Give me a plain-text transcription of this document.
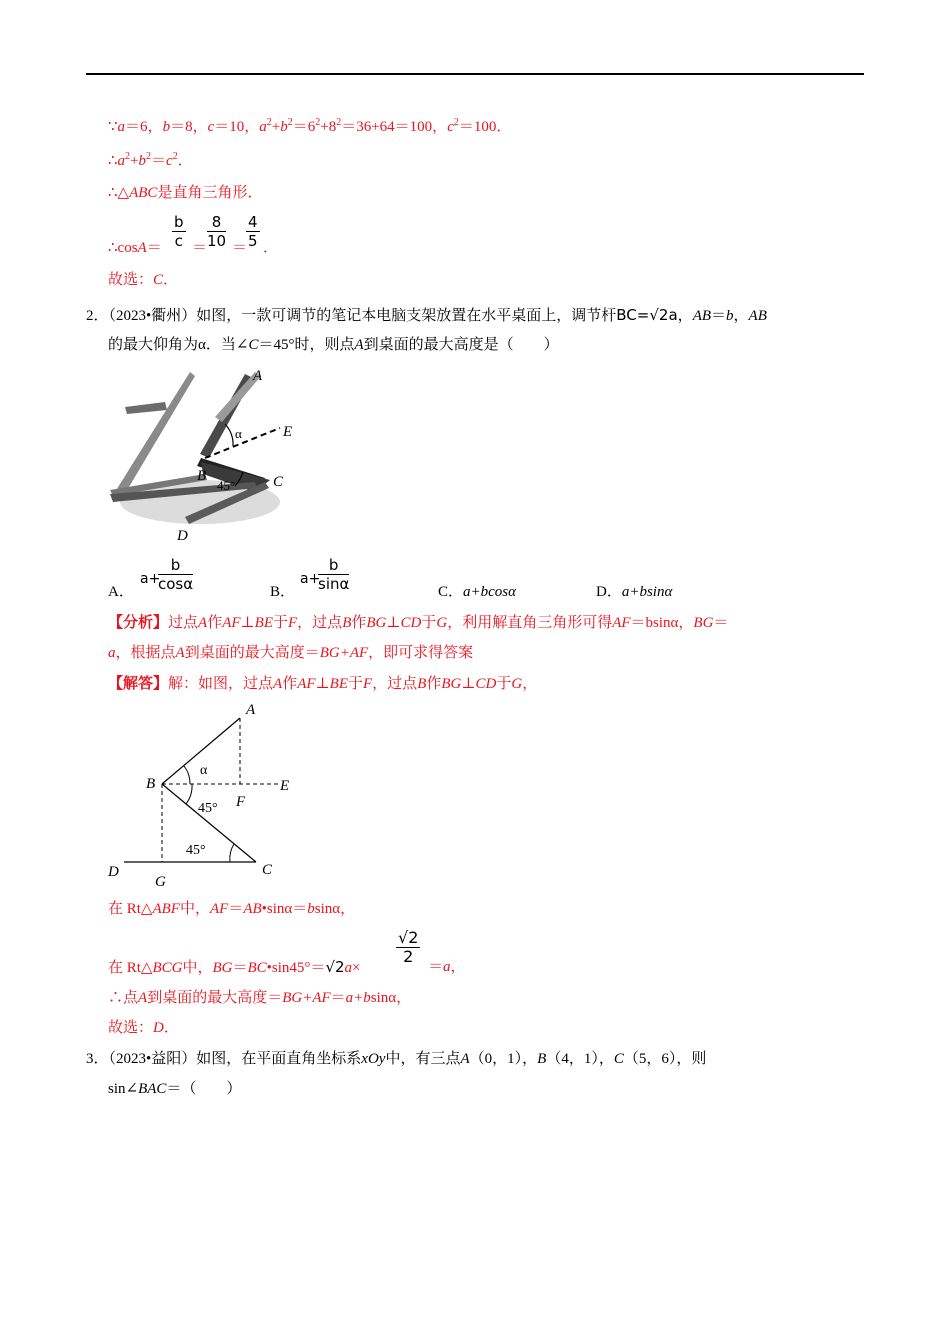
∵a＝6，b＝8，c＝10，$a^2+b^2=6^2+8^2=36+64=100$，$c^2=100$．
$\therefore a^2+b^2=c^2$．
∴△ABC是直角三角形．
∴cosA＝ $\frac{b}{c} = \frac{8}{10}$ ＝
$\frac{4}{5}$ ．
故选：C．
2．（2023•衢州）如图，一款可调节的笔记本电脑支架放置在水平桌面上，调节杆BC=√2a，AB＝b，AB
的最大仰角为α．当∠C＝45°时，则点A到桌面的最大高度是（　　）
A
E
α
B	C
45°
D
A．
a+
$\frac{b}{\cos\alpha}$	B．
a+
$\frac{b}{\sin\alpha}$	C．a+bcosα	D．a+bsinα
【分析】过点A作AF⊥BE于F，过点B作BG⊥CD于G，利用解直角三角形可得AF＝bsinα，BG＝
a，根据点A到桌面的最大高度＝BG+AF，即可求得答案
【解答】解：如图，过点A作AF⊥BE于F，过点B作BG⊥CD于G，
A
B	E
F
α
45°
45°
D
G
C
在 Rt△ABF中，AF＝AB•sinα＝bsinα，
在 Rt△BCG中，BG＝BC•sin45°＝√2a×
$\frac{√2}{2}$
＝a，
∴点A到桌面的最大高度＝BG+AF＝a+bsinα，
故选：D．
3．（2023•益阳）如图，在平面直角坐标系xOy中，有三点A（0，1），B（4，1），C（5，6），则
sin∠BAC＝（　　）
